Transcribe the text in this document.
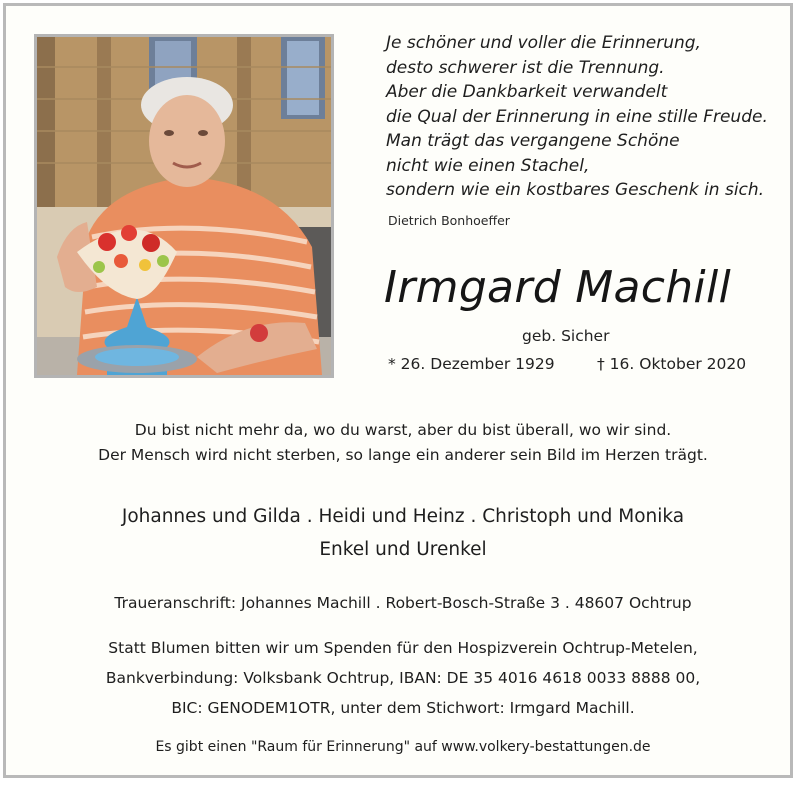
Je schöner und voller die Erinnerung,
desto schwerer ist die Trennung.
Aber die Dankbarkeit verwandelt
die Qual der Erinnerung in eine stille Freude.
Man trägt das vergangene Schöne
nicht wie einen Stachel,
sondern wie ein kostbares Geschenk in sich.
Dietrich Bonhoeffer
Irmgard Machill
geb. Sicher
* 26. Dezember 1929	† 16. Oktober 2020
Du bist nicht mehr da, wo du warst, aber du bist überall, wo wir sind.
Der Mensch wird nicht sterben, so lange ein anderer sein Bild im Herzen trägt.
Johannes und Gilda . Heidi und Heinz . Christoph und Monika
Enkel und Urenkel
Traueranschrift: Johannes Machill . Robert-Bosch-Straße 3 . 48607 Ochtrup
Statt Blumen bitten wir um Spenden für den Hospizverein Ochtrup-Metelen,
Bankverbindung: Volksbank Ochtrup, IBAN: DE 35 4016 4618 0033 8888 00,
BIC: GENODEM1OTR, unter dem Stichwort: Irmgard Machill.
Es gibt einen "Raum für Erinnerung" auf www.volkery-bestattungen.de
